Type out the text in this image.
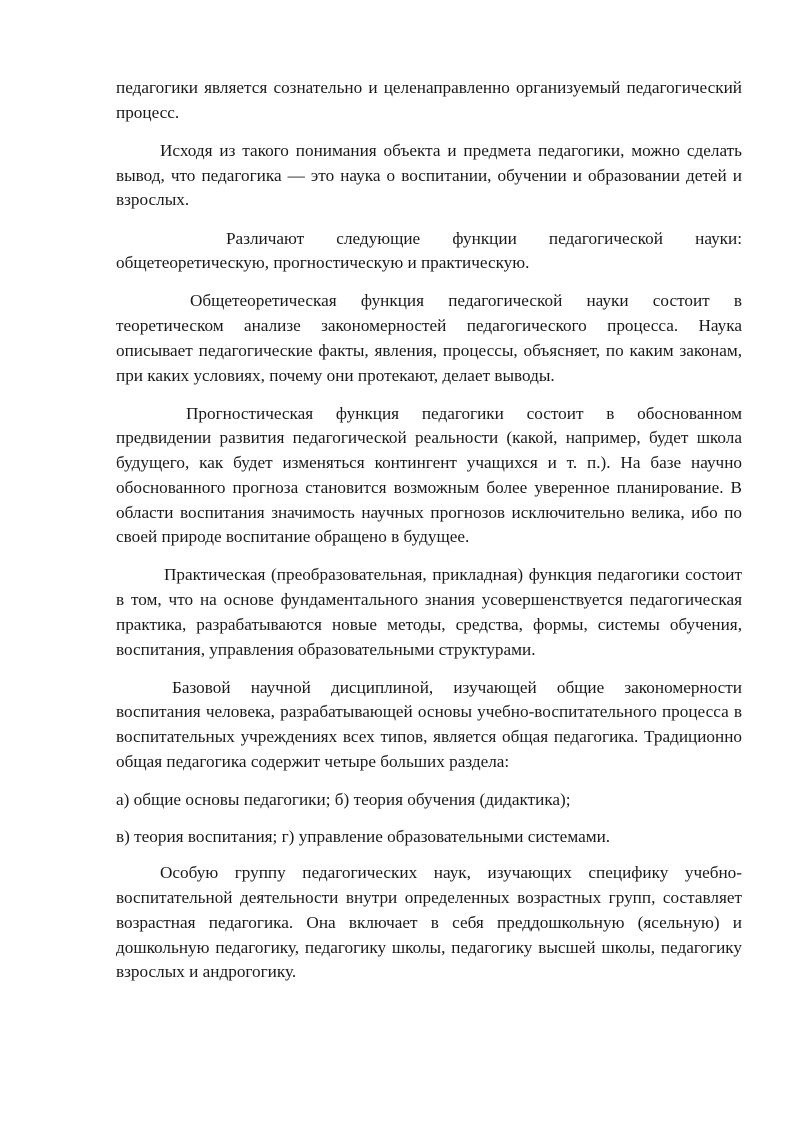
педагогики является сознательно и целенаправленно организуемый педагогический процесс.

Исходя из такого понимания объекта и предмета педагогики, можно сделать вывод, что педагогика — это наука о воспитании, обучении и образовании детей и взрослых.

Различают следующие функции педагогической науки: общетеоретическую, прогностическую и практическую.

Общетеоретическая функция педагогической науки состоит в теоретическом анализе закономерностей педагогического процесса. Наука описывает педагогические факты, явления, процессы, объясняет, по каким законам, при каких условиях, почему они протекают, делает выводы.

Прогностическая функция педагогики состоит в обоснованном предвидении развития педагогической реальности (какой, например, будет школа будущего, как будет изменяться контингент учащихся и т. п.). На базе научно обоснованного прогноза становится возможным более уверенное планирование. В области воспитания значимость научных прогнозов исключительно велика, ибо по своей природе воспитание обращено в будущее.

Практическая (преобразовательная, прикладная) функция педагогики состоит в том, что на основе фундаментального знания усовершенствуется педагогическая практика, разрабатываются новые методы, средства, формы, системы обучения, воспитания, управления образовательными структурами.

Базовой научной дисциплиной, изучающей общие закономерности воспитания человека, разрабатывающей основы учебно-воспитательного процесса в воспитательных учреждениях всех типов, является общая педагогика. Традиционно общая педагогика содержит четыре больших раздела:

а) общие основы педагогики; б) теория обучения (дидактика);

в) теория воспитания; г) управление образовательными системами.

Особую группу педагогических наук, изучающих специфику учебно-воспитательной деятельности внутри определенных возрастных групп, составляет возрастная педагогика. Она включает в себя преддошкольную (ясельную) и дошкольную педагогику, педагогику школы, педагогику высшей школы, педагогику взрослых и андрогогику.
